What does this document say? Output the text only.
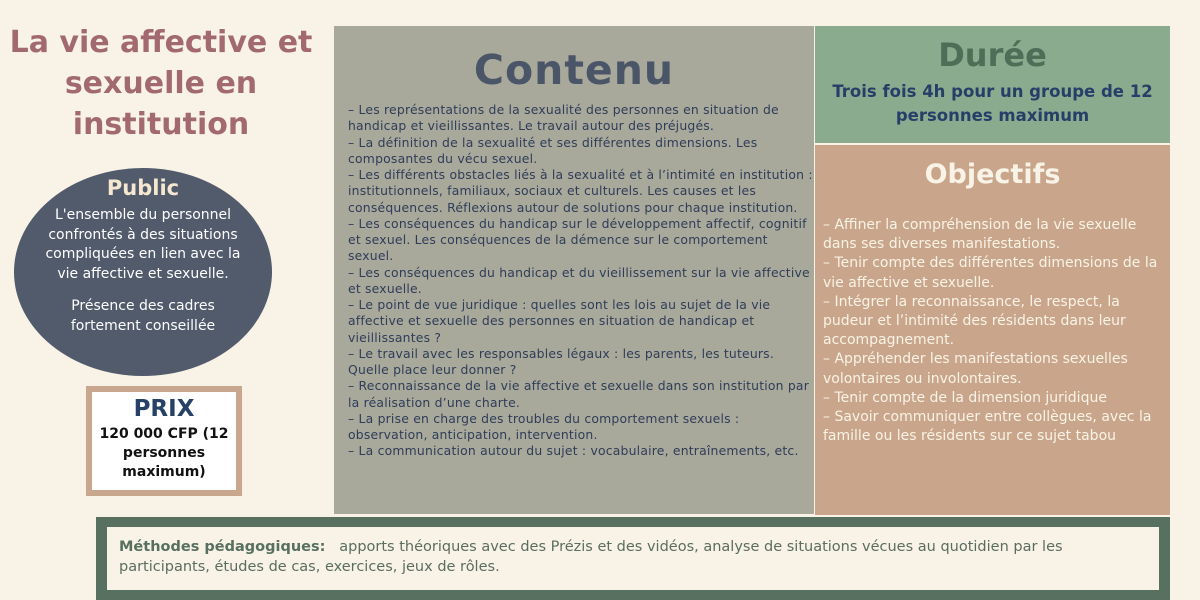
La vie affective et sexuelle en institution
Public

L'ensemble du personnel confrontés à des situations compliquées en lien avec la vie affective et sexuelle.

Présence des cadres fortement conseillée

PRIX

120 000 CFP (12 personnes maximum)

Contenu
– Les représentations de la sexualité des personnes en situation de handicap et vieillissantes. Le travail autour des préjugés.
– La définition de la sexualité et ses différentes dimensions. Les composantes du vécu sexuel.
– Les différents obstacles liés à la sexualité et à l’intimité en institution : institutionnels, familiaux, sociaux et culturels. Les causes et les conséquences. Réflexions autour de solutions pour chaque institution.
– Les conséquences du handicap sur le développement affectif, cognitif et sexuel. Les conséquences de la démence sur le comportement sexuel.
– Les conséquences du handicap et du vieillissement sur la vie affective et sexuelle.
– Le point de vue juridique : quelles sont les lois au sujet de la vie affective et sexuelle des personnes en situation de handicap et vieillissantes ?
– Le travail avec les responsables légaux : les parents, les tuteurs. Quelle place leur donner ?
– Reconnaissance de la vie affective et sexuelle dans son institution par la réalisation d’une charte.
– La prise en charge des troubles du comportement sexuels : observation, anticipation, intervention.
– La communication autour du sujet : vocabulaire, entraînements, etc.
Durée

Trois fois 4h pour un groupe de 12 personnes maximum

Objectifs
– Affiner la compréhension de la vie sexuelle dans ses diverses manifestations.
– Tenir compte des différentes dimensions de la vie affective et sexuelle.
– Intégrer la reconnaissance, le respect, la pudeur et l’intimité des résidents dans leur accompagnement.
– Appréhender les manifestations sexuelles volontaires ou involontaires.
– Tenir compte de la dimension juridique
– Savoir communiquer entre collègues, avec la famille ou les résidents sur ce sujet tabou
Méthodes pédagogiques: apports théoriques avec des Prézis et des vidéos, analyse de situations vécues au quotidien par les participants, études de cas, exercices, jeux de rôles.
